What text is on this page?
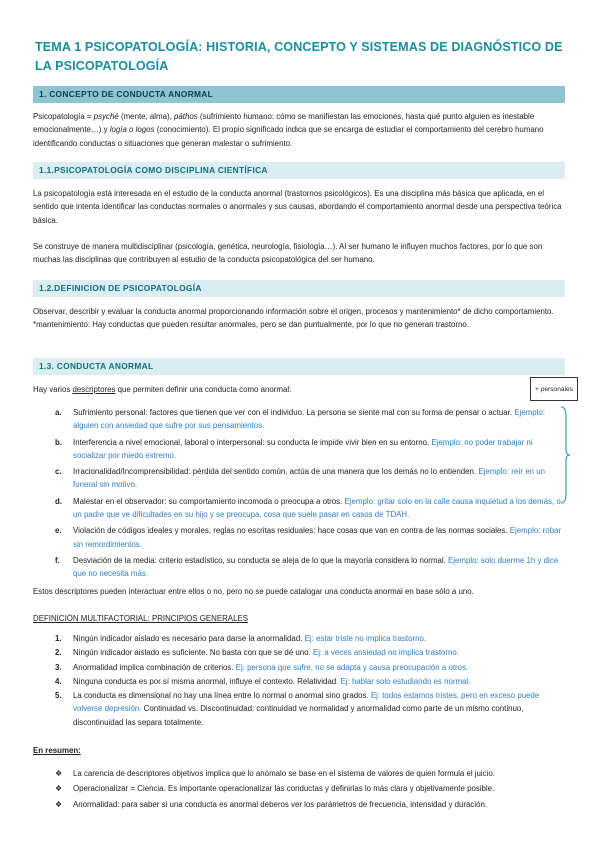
TEMA 1 PSICOPATOLOGÍA: HISTORIA, CONCEPTO Y SISTEMAS DE DIAGNÓSTICO DE LA PSICOPATOLOGÍA
1. CONCEPTO DE CONDUCTA ANORMAL
Psicopatología = psyché (mente, alma), páthos (sufrimiento humano: cómo se manifiestan las emociones, hasta qué punto alguien es inestable emocionalmente…) y logía o logos (conocimiento). El propio significado indica que se encarga de estudiar el comportamiento del cerebro humano identificando conductas o situaciones que generan malestar o sufrimiento.
1.1.PSICOPATOLOGÍA COMO DISCIPLINA CIENTÍFICA
La psicopatología está interesada en el estudio de la conducta anormal (trastornos psicológicos). Es una disciplina más básica que aplicada, en el sentido que intenta identificar las conductas normales o anormales y sus causas, abordando el comportamiento anormal desde una perspectiva teórica básica.
Se construye de manera multidisciplinar (psicología, genética, neurología, fisiología…). Al ser humano le influyen muchos factores, por lo que son muchas las disciplinas que contribuyen al estudio de la conducta psicopatológica del ser humano.
1.2.DEFINICION DE PSICOPATOLOGÍA
Observar, describir y evaluar la conducta anormal proporcionando información sobre el origen, procesos y mantenimiento* de dicho comportamiento. *mantenimiento: Hay conductas que pueden resultar anormales, pero se dan puntualmente, por lo que no generan trastorno.
1.3. CONDUCTA ANORMAL
Hay varios descriptores que permiten definir una conducta como anormal:	+ personales
a. Sufrimiento personal: factores que tienen que ver con el individuo. La persona se siente mal con su forma de pensar o actuar. Ejemplo: alguien con ansiedad que sufre por sus pensamientos.
b. Interferencia a nivel emocional, laboral o interpersonal: su conducta le impide vivir bien en su entorno. Ejemplo: no poder trabajar ni socializar por miedo extremo.
c. Irracionalidad/Incomprensibilidad: pérdida del sentido común, actúa de una manera que los demás no lo entienden. Ejemplo: reír en un funeral sin motivo.
d. Malestar en el observador: su comportamiento incomoda o preocupa a otros. Ejemplo: gritar solo en la calle causa inquietud a los demás, o un padre que ve dificultades en su hijo y se preocupa, cosa que suele pasar en casos de TDAH.
e. Violación de códigos ideales y morales, reglas no escritas residuales: hace cosas que van en contra de las normas sociales. Ejemplo: robar sin remordimientos.
f. Desviación de la media: criterio estadístico, su conducta se aleja de lo que la mayoría considera lo normal. Ejemplo: solo duerme 1h y dice que no necesita más.
Estos descriptores pueden interactuar entre ellos o no, pero no se puede catalogar una conducta anormal en base sólo a uno.
DEFINICIÓN MULTIFACTORIAL: PRINCIPIOS GENERALES
1. Ningún indicador aislado es necesario para darse la anormalidad. Ej: estar triste no implica trastorno.
2. Ningún indicador aislado es suficiente. No basta con que se dé uno. Ej: a veces ansiedad no implica trastorno.
3. Anormalidad implica combinación de criterios. Ej: persona que sufre, no se adapta y causa preocupación a otros.
4. Ninguna conducta es por sí misma anormal, influye el contexto. Relatividad. Ej: hablar solo estudiando es normal.
5. La conducta es dimensional no hay una línea entre lo normal o anormal sino grados. Ej: todos estamos tristes, pero en exceso puede volverse depresión. Continuidad vs. Discontinuidad: continuidad ve normalidad y anormalidad como parte de un mismo continuo, discontinuidad las separa totalmente.
En resumen:
❖ La carencia de descriptores objetivos implica que lo anómalo se base en el sistema de valores de quien formula el juicio.
❖ Operacionalizar = Ciencia. Es importante operacionalizar las conductas y definirlas lo más clara y objetivamente posible.
❖ Anormalidad: para saber si una conducta es anormal deberos ver los parámetros de frecuencia, intensidad y duración.
